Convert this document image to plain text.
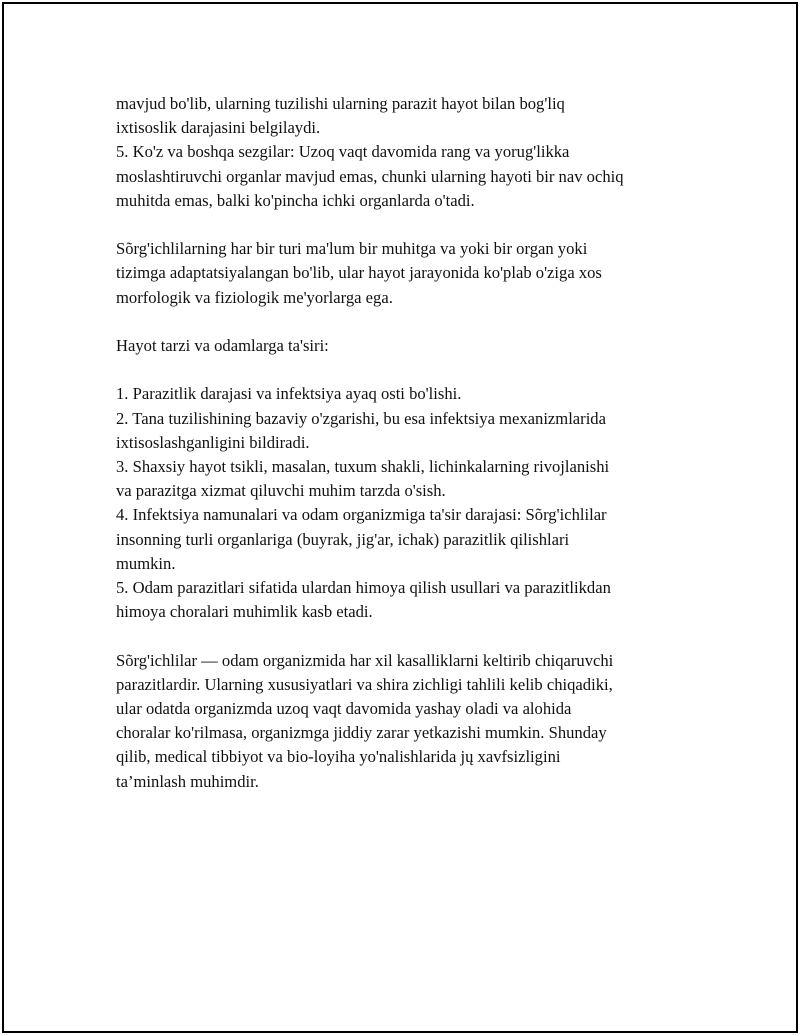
mavjud bo'lib, ularning tuzilishi ularning parazit hayot bilan bog'liq
ixtisoslik darajasini belgilaydi.
5. Ko'z va boshqa sezgilar: Uzoq vaqt davomida rang va yorug'likka
moslashtiruvchi organlar mavjud emas, chunki ularning hayoti bir nav ochiq
muhitda emas, balki ko'pincha ichki organlarda o'tadi.

Sõrg'ichlilarning har bir turi ma'lum bir muhitga va yoki bir organ yoki
tizimga adaptatsiyalangan bo'lib, ular hayot jarayonida ko'plab o'ziga xos
morfologik va fiziologik me'yorlarga ega.

Hayot tarzi va odamlarga ta'siri:

1. Parazitlik darajasi va infektsiya ayaq osti bo'lishi.
2. Tana tuzilishining bazaviy o'zgarishi, bu esa infektsiya mexanizmlarida
ixtisoslashganligini bildiradi.
3. Shaxsiy hayot tsikli, masalan, tuxum shakli, lichinkalarning rivojlanishi
va parazitga xizmat qiluvchi muhim tarzda o'sish.
4. Infektsiya namunalari va odam organizmiga ta'sir darajasi: Sõrg'ichlilar
insonning turli organlariga (buyrak, jig'ar, ichak) parazitlik qilishlari
mumkin.
5. Odam parazitlari sifatida ulardan himoya qilish usullari va parazitlikdan
himoya choralari muhimlik kasb etadi.

Sõrg'ichlilar — odam organizmida har xil kasalliklarni keltirib chiqaruvchi
parazitlardir. Ularning xususiyatlari va shira zichligi tahlili kelib chiqadiki,
ular odatda organizmda uzoq vaqt davomida yashay oladi va alohida
choralar ko'rilmasa, organizmga jiddiy zarar yetkazishi mumkin. Shunday
qilib, medical tibbiyot va bio-loyiha yo'nalishlarida jų xavfsizligini
ta’minlash muhimdir.
